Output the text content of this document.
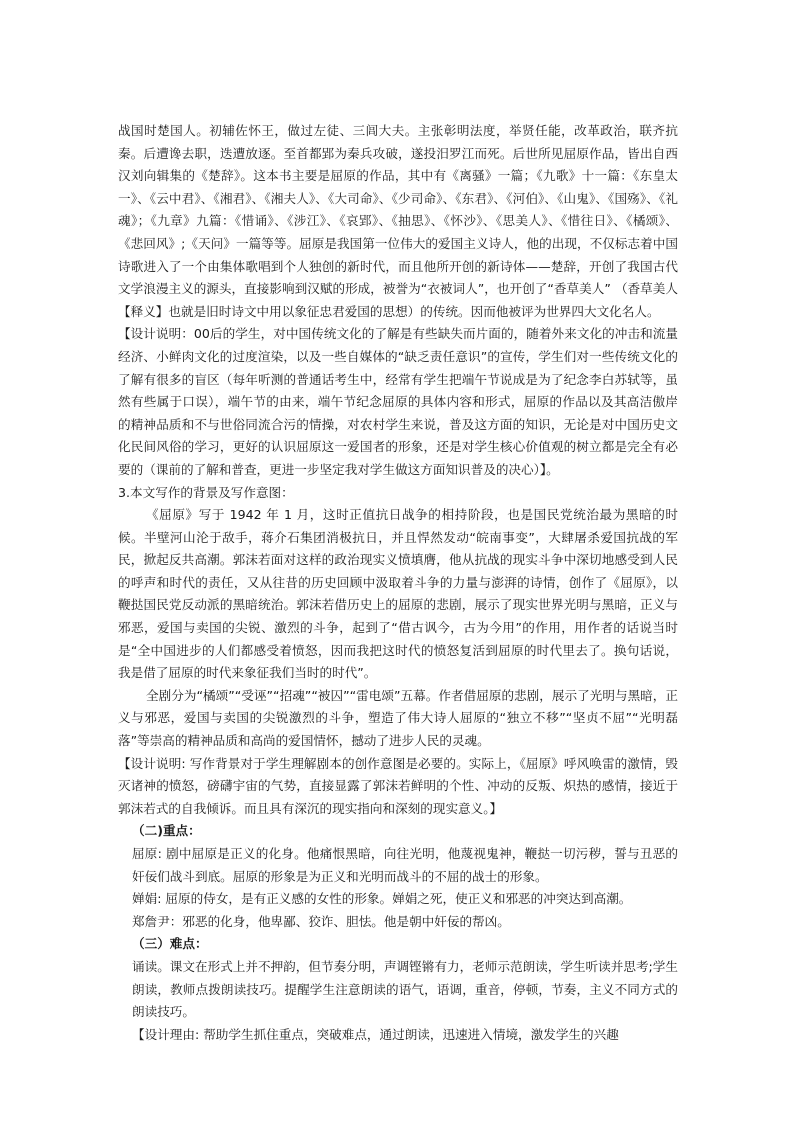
战国时楚国人。初辅佐怀王，做过左徒、三闾大夫。主张彰明法度，举贤任能，改革政治，联齐抗秦。后遭谗去职，迭遭放逐。至首都郢为秦兵攻破，遂投汨罗江而死。后世所见屈原作品，皆出自西汉刘向辑集的《楚辞》。这本书主要是屈原的作品，其中有《离骚》一篇；《九歌》十一篇：《东皇太一》、《云中君》、《湘君》、《湘夫人》、《大司命》、《少司命》、《东君》、《河伯》、《山鬼》、《国殇》、《礼魂》；《九章》九篇：《惜诵》、《涉江》、《哀郢》、《抽思》、《怀沙》、《思美人》、《惜往日》、《橘颂》、《悲回风》;《天问》一篇等等。屈原是我国第一位伟大的爱国主义诗人，他的出现，不仅标志着中国诗歌进入了一个由集体歌唱到个人独创的新时代，而且他所开创的新诗体——楚辞，开创了我国古代文学浪漫主义的源头，直接影响到汉赋的形成，被誉为“衣被词人”，也开创了“香草美人” （香草美人【释义】也就是旧时诗文中用以象征忠君爱国的思想）的传统。因而他被评为世界四大文化名人。

【设计说明：00后的学生，对中国传统文化的了解是有些缺失而片面的，随着外来文化的冲击和流量经济、小鲜肉文化的过度渲染，以及一些自媒体的“缺乏责任意识”的宣传，学生们对一些传统文化的了解有很多的盲区（每年听测的普通话考生中，经常有学生把端午节说成是为了纪念李白苏轼等，虽然有些属于口误），端午节的由来，端午节纪念屈原的具体内容和形式，屈原的作品以及其高洁傲岸的精神品质和不与世俗同流合污的情操，对农村学生来说，普及这方面的知识，无论是对中国历史文化民间风俗的学习，更好的认识屈原这一爱国者的形象，还是对学生核心价值观的树立都是完全有必要的（课前的了解和普查，更进一步坚定我对学生做这方面知识普及的决心）】。

3.本文写作的背景及写作意图：

《屈原》写于 1942 年 1 月，这时正值抗日战争的相持阶段，也是国民党统治最为黑暗的时候。半壁河山沦于敌手，蒋介石集团消极抗日，并且悍然发动“皖南事变”，大肆屠杀爱国抗战的军民，掀起反共高潮。郭沫若面对这样的政治现实义愤填膺，他从抗战的现实斗争中深切地感受到人民的呼声和时代的责任，又从往昔的历史回顾中汲取着斗争的力量与澎湃的诗情，创作了《屈原》，以鞭挞国民党反动派的黑暗统治。郭沫若借历史上的屈原的悲剧，展示了现实世界光明与黑暗，正义与邪恶，爱国与卖国的尖锐、激烈的斗争，起到了“借古讽今，古为今用”的作用，用作者的话说当时是“全中国进步的人们都感受着愤怒，因而我把这时代的愤怒复活到屈原的时代里去了。换句话说，我是借了屈原的时代来象征我们当时的时代”。

全剧分为“橘颂”“受诬”“招魂”“被囚”“雷电颂”五幕。作者借屈原的悲剧，展示了光明与黑暗，正义与邪恶，爱国与卖国的尖锐激烈的斗争，塑造了伟大诗人屈原的“独立不移”“坚贞不屈”“光明磊落”等崇高的精神品质和高尚的爱国情怀，撼动了进步人民的灵魂。

【设计说明: 写作背景对于学生理解剧本的创作意图是必要的。实际上，《屈原》呼风唤雷的激情，毁灭诸神的愤怒，磅礴宇宙的气势，直接显露了郭沫若鲜明的个性、冲动的反叛、炽热的感情，接近于郭沫若式的自我倾诉。而且具有深沉的现实指向和深刻的现实意义。】

（二)重点：

屈原: 剧中屈原是正义的化身。他痛恨黑暗，向往光明，他蔑视鬼神，鞭挞一切污秽，誓与丑恶的奸佞们战斗到底。屈原的形象是为正义和光明而战斗的不屈的战士的形象。

婵娟: 屈原的侍女，是有正义感的女性的形象。婵娟之死，使正义和邪恶的冲突达到高潮。

郑詹尹：邪恶的化身，他卑鄙、狡诈、胆怯。他是朝中奸佞的帮凶。

（三）难点：

诵读。课文在形式上并不押韵，但节奏分明，声调铿锵有力，老师示范朗读，学生听读并思考;学生朗读，教师点拨朗读技巧。提醒学生注意朗读的语气，语调，重音，停顿，节奏，主义不同方式的朗读技巧。

【设计理由: 帮助学生抓住重点，突破难点，通过朗读，迅速进入情境，激发学生的兴趣
